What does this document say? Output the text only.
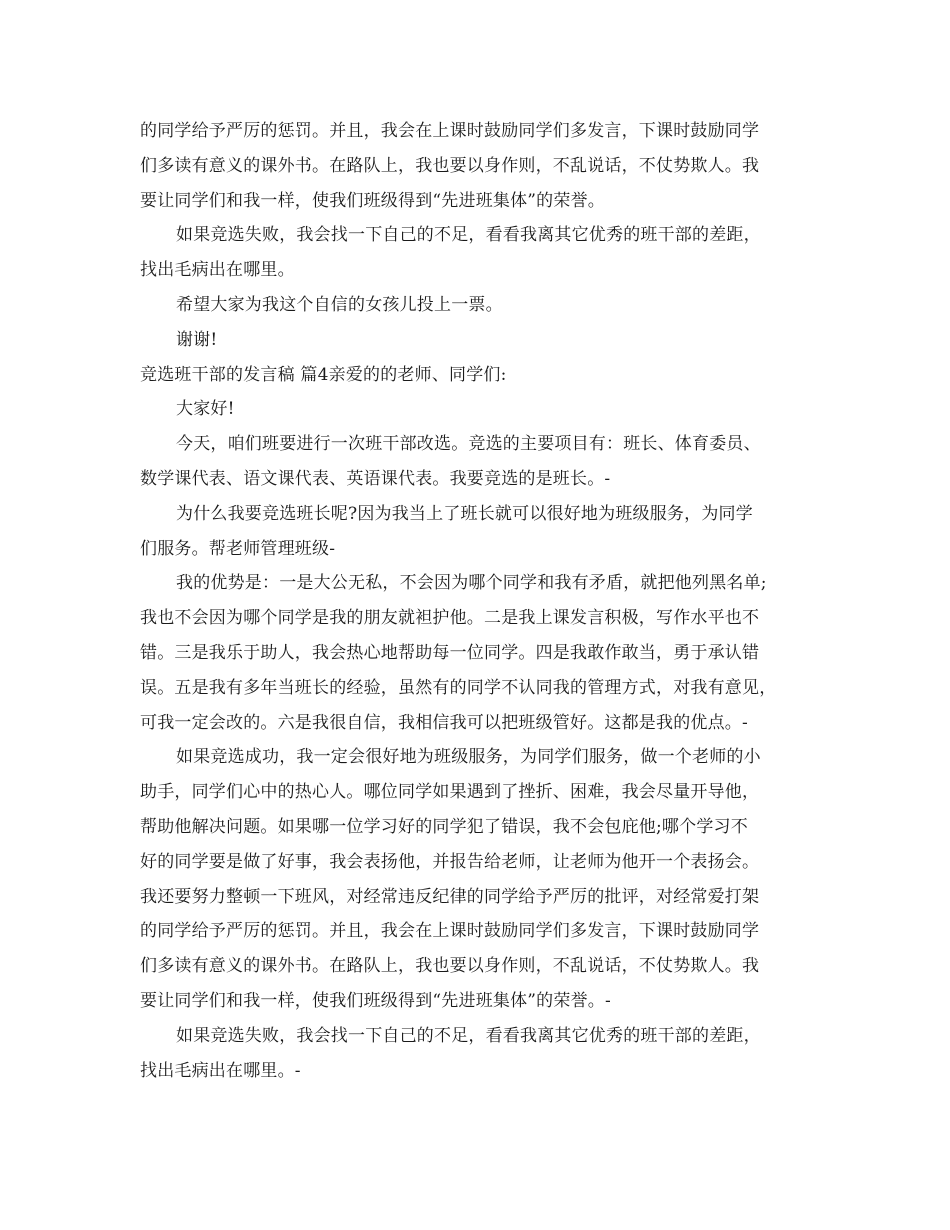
的同学给予严厉的惩罚。并且，我会在上课时鼓励同学们多发言，下课时鼓励同学
们多读有意义的课外书。在路队上，我也要以身作则，不乱说话，不仗势欺人。我
要让同学们和我一样，使我们班级得到“先进班集体”的荣誉。
如果竞选失败，我会找一下自己的不足，看看我离其它优秀的班干部的差距，
找出毛病出在哪里。
希望大家为我这个自信的女孩儿投上一票。
谢谢!
竞选班干部的发言稿 篇4亲爱的的老师、同学们:
大家好!
今天，咱们班要进行一次班干部改选。竞选的主要项目有：班长、体育委员、
数学课代表、语文课代表、英语课代表。我要竞选的是班长。-
为什么我要竞选班长呢?因为我当上了班长就可以很好地为班级服务，为同学
们服务。帮老师管理班级-
我的优势是：一是大公无私，不会因为哪个同学和我有矛盾，就把他列黑名单;
我也不会因为哪个同学是我的朋友就袒护他。二是我上课发言积极，写作水平也不
错。三是我乐于助人，我会热心地帮助每一位同学。四是我敢作敢当，勇于承认错
误。五是我有多年当班长的经验，虽然有的同学不认同我的管理方式，对我有意见，
可我一定会改的。六是我很自信，我相信我可以把班级管好。这都是我的优点。-
如果竞选成功，我一定会很好地为班级服务，为同学们服务，做一个老师的小
助手，同学们心中的热心人。哪位同学如果遇到了挫折、困难，我会尽量开导他，
帮助他解决问题。如果哪一位学习好的同学犯了错误，我不会包庇他;哪个学习不
好的同学要是做了好事，我会表扬他，并报告给老师，让老师为他开一个表扬会。
我还要努力整顿一下班风，对经常违反纪律的同学给予严厉的批评，对经常爱打架
的同学给予严厉的惩罚。并且，我会在上课时鼓励同学们多发言，下课时鼓励同学
们多读有意义的课外书。在路队上，我也要以身作则，不乱说话，不仗势欺人。我
要让同学们和我一样，使我们班级得到“先进班集体”的荣誉。-
如果竞选失败，我会找一下自己的不足，看看我离其它优秀的班干部的差距，
找出毛病出在哪里。-
